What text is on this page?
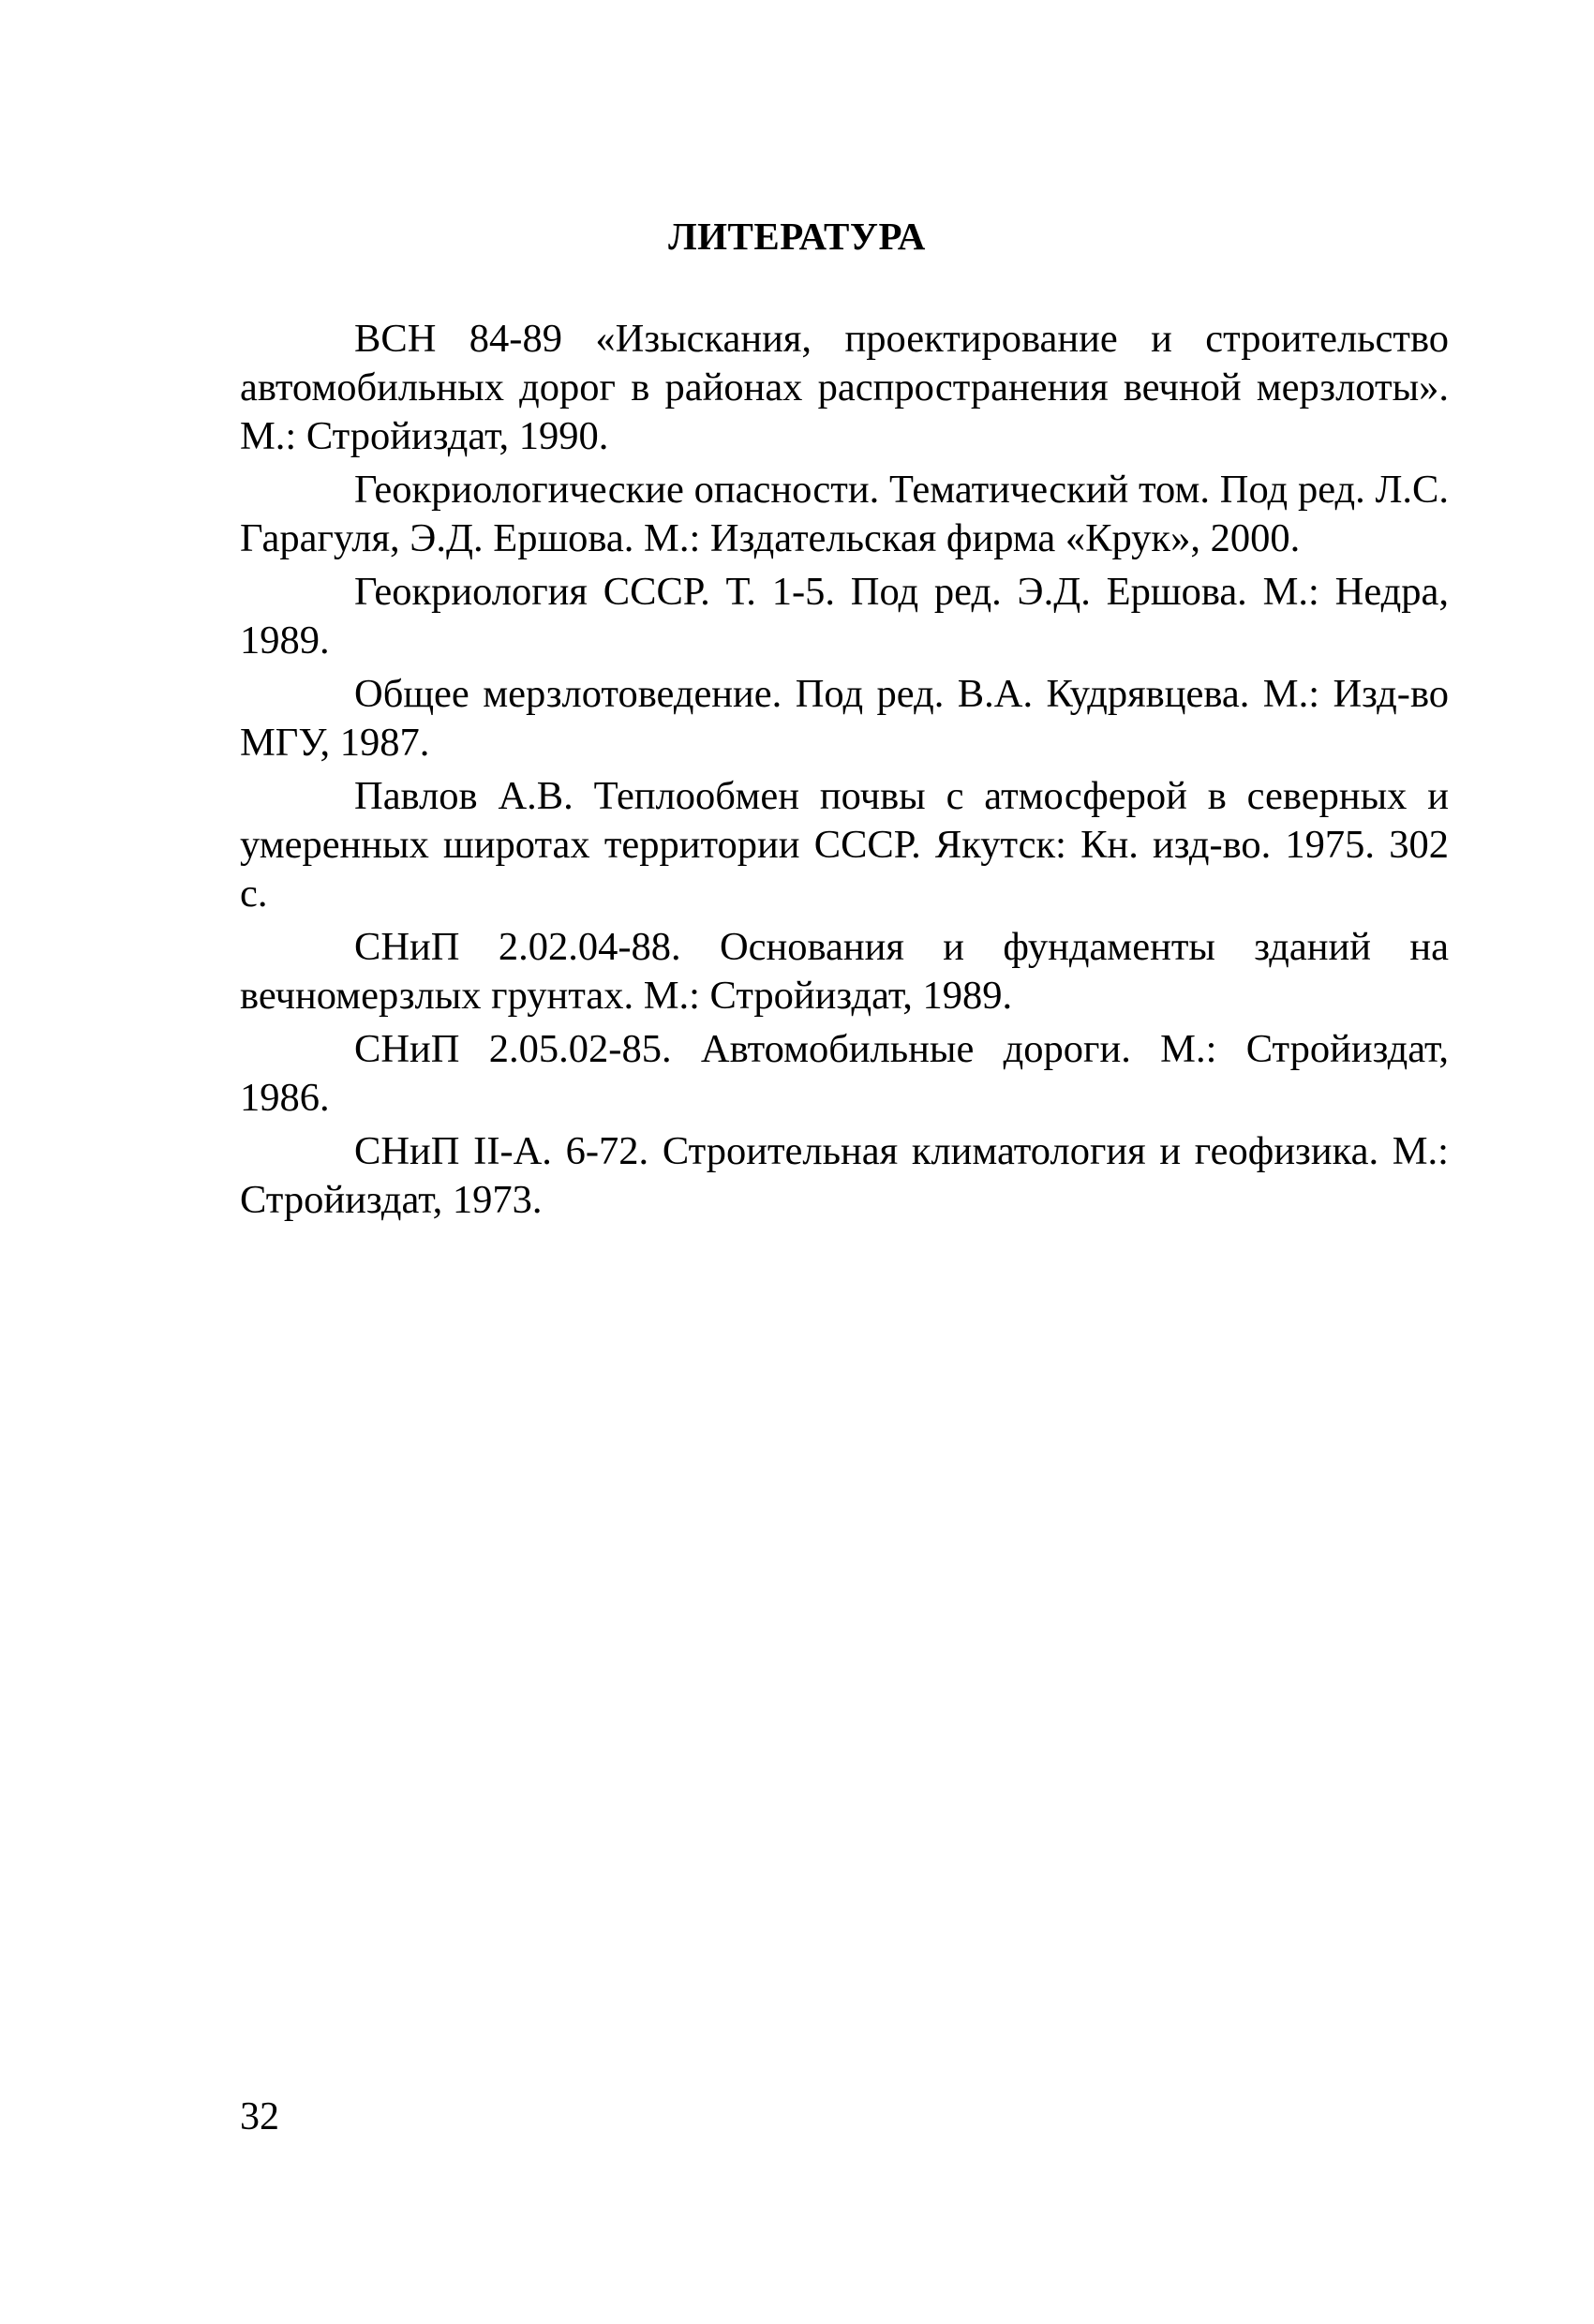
ЛИТЕРАТУРА
ВСН 84-89 «Изыскания, проектирование и строительство автомобильных дорог в районах распространения вечной мерзлоты». М.: Стройиздат, 1990.
Геокриологические опасности. Тематический том. Под ред. Л.С. Гарагуля, Э.Д. Ершова. М.: Издательская фирма «Крук», 2000.
Геокриология СССР. Т. 1-5. Под ред. Э.Д. Ершова. М.: Недра, 1989.
Общее мерзлотоведение. Под ред. В.А. Кудрявцева. М.: Изд-во МГУ, 1987.
Павлов А.В. Теплообмен почвы с атмосферой в северных и умеренных широтах территории СССР. Якутск: Кн. изд-во. 1975. 302 с.
СНиП 2.02.04-88. Основания и фундаменты зданий на вечномерзлых грунтах. М.: Стройиздат, 1989.
СНиП 2.05.02-85. Автомобильные дороги. М.: Стройиздат, 1986.
СНиП II-А. 6-72. Строительная климатология и геофизика. М.: Стройиздат, 1973.

32
